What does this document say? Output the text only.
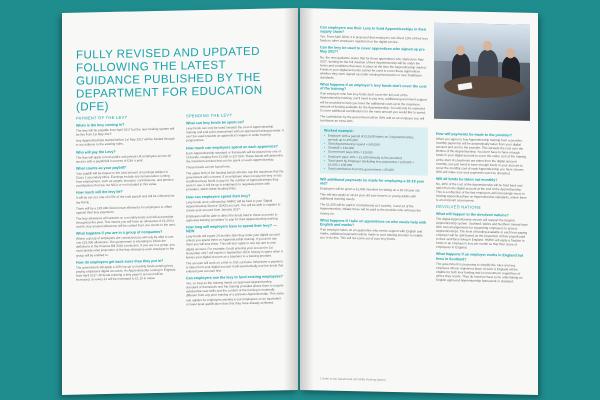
FULLY REVISED AND UPDATED FOLLOWING THE LATEST GUIDANCE PUBLISHED BY THE DEPARTMENT FOR EDUCATION (DFE)
PAYMENT OF THE LEVY
When is the levy coming in?

The levy will be payable from April 2017 but the new funding system will be live from 1st May 2017.

Any Apprenticeships started before 1st May 2017 will be funded through in accordance to the existing rules.

Who will pay the Levy?

The levy will apply to both public and private UK employers across all sectors with a paybill bill in excess of £3m a year.

What counts as your paybill?

Your paybill will be based on the total amount of earnings subject to Class 1 secondary NICs. Earnings include any remuneration coming from employment, such as wages, bonuses, commissions, and pension contributions that are not NICs or not included in this value.

How much will the levy be?

It will be set at a rate of 0.5% of the total payroll and will be collected via the PAYE.

There will be a £15,000 fixed annual allowance for employers to offset against their levy payments.

The levy allowance will operate on a monthly basis and will accumulate throughout the year. This means you will have an allowance of £1,250 a month. Any unused allowance will be carried from one month to the next.

What happens if you are in a group of companies?

Where a group of employers are connected you will only be able to use one £15,000 allowance. The government is intending to follow the definitions in the Finance Bill 2016 connection. If you are in a group, you must decide what proportion of the levy allowance each employer in the group will be entitled to.

How do employers get back more than they put in?

The government will apply a 10% top up to monthly funds entering levy paying employers digital accounts. An Apprenticeship costing in England, from April 2017. All funds entering a levy payer's account will be increased, so every £1 will be increased to £1.10 in value.

SPENDING THE LEVY
What can levy funds be spent on?

Levy funds can only be used towards the cost of Apprenticeship training and end point assessment with an approved training provider. It can't be used towards an apprentice's wages or wider training programmes.

How much can employers spend on each apprentice?

Each Apprenticeship standard or framework will be placed into one of 15 bands, ranging from £1,500 to £27,000. These bands will determine the maximum amount that can be spent on each Apprenticeship.

These bands can be found here.

The upper limit of the funding bands will also cap the maximum that the government will co-invest. If an employer does not pay the levy or has insufficient levy funds to pay for the number of Apprenticeships they want to use, it will be up to employers to negotiate prices with providers, within these funding limits.

How can employers spend their levy?

Levy funds once collected by HMRC will be held in your 'Digital Apprenticeship Service' (DAS) account. You will be able to register to create your account from January 2017.

Employers will be able to direct the funds held in these accounts to approved training 'providers' to pay for their Apprenticeship training.

How long will employers have to spend their levy? — NEW

Levy funds will expire 24 months after they enter your digital account unless you spend them on Apprenticeship training. If you don't use them you will lose them. This will also apply to any top ups to your digital account. For example, funds entering your account in 1st November 2017 will expire in September 2019. Money is spent when it leaves your digital account as a payment to a training provider.

The account will work on a first in, first out basis. Whenever a payment is taken from your digital account it will automatically use the funds that entered your account first.

Can employers use the levy to fund existing employees?

Yes, so long as the training meets an approved Apprenticeship standard or framework and the training provided allows them to acquire substantive new skills and the content of the training is materially different from any prior training or a previous Apprenticeship. This same rule applies for employers wanting to put employees on an equivalent or lower level qualification than that they have already achieved.

Can employers use their Levy to fund Apprenticeships in their supply chain?

Yes. From April 2018, it is proposed that employers can direct 10% of their levy funds to other employers registered on the digital service.

Can the levy be used to cover apprentices who signed up pre May 2017?

No, the new guidance states that for those apprentices who started pre May 2017, funding for the full duration of their Apprenticeship will be under the terms and conditions that were in place at the time the Apprenticeship started. Funds in your digital accounts cannot be used to cover these apprentices whether they were signed up under existing frameworks or new Trailblazer standards.

What happens if an employer's levy funds don't cover the cost of the training?

If an employer who has levy funds don't cover the full cost of the Apprenticeship training, you'll need to pay less, additional government support will be provided to help you meet the additional costs up to the maximum amount of funding available for the Apprenticeship. You will only be expected to cover additional contributions for the extra amount you would like to spend.

The contribution by the government will be 90% and as an employer you will contribute an extra 10%.

Worked example:
• Employer with a payroll of £15,000 takes on 3 Apprenticeships, spends up to £35,000
• Total Apprenticeship spend = £45,000
• Shortfall = £10,000
• Government pays 90% = £9,000
• Employer pays 10% = £1,000 (directly to the provider)
• Total spent by Employer (including levy payments) = £35,000 + £1,000 = £36,000
• Total contribution from the government = £9,000
Will additional payments be made for employing a 16-18 year old?

Employers will be given a £1,000 incentive for taking on a 16-18 year old.

This will also apply to 19-24 year old care leavers or young adults with additional learning needs.

The £1,000 will be paid in 2 instalments at 3 months, 3 and 12 of the Apprenticeship, initially these will be paid to the provider who will pass the money on.

What happens if I take on apprentices on who needs help with English and maths?

If an employer takes on an apprentice who needs support with English and maths, additional payments will be made to your training provider to enable you to do this. This will not come out of your levy funds.

How will payments be made to the provider?

When you agree to buy Apprenticeship training from a provider, monthly payments will be automatically taken from your digital account and sent to the provider. This spreads the cost over the lifetime of the Apprenticeship. You don't have to have enough funds in your digital account to cover the entire cost of the training at the start. As payments are taken from the digital account monthly, you just need to have enough funds in your account to cover the monthly cost of each Apprenticeship you have chosen. 80% will make sure your payments won't be disrupted.

Will all funds be taken out monthly?

No, 20% of the cost of the Apprenticeship will be held back and taken from the digital account at the end of the Apprenticeship. This is a reflection of the fact employers will increasingly move to funding Apprenticeships on Apprenticeship standards, where there is an end point assessment.

DEVOLVED NATIONS
What will happen to the devolved nations?

The digital Apprenticeship service will support the English Apprenticeship system. Scotland, Wales and Northern Ireland have their own arrangements for supporting employers to access Apprenticeships. The level of funding available in each levy-paying employer will be split based on the proportion of their payroll paid to their workforce living in England. HMRC will apply a fraction to funds in an employer's levy per month so that their share of employees in England.

What happens if an employer works in England but lives in Scotland?

The government is proposing to simplify the rules and any employee whose registered place of work is England will be eligible for both levy funding and co-investment, regardless of where they reside. They do however have to be undertaking an English approved Apprenticeship framework or standard.

1 Refer to the Department and Skills Funding Agency
